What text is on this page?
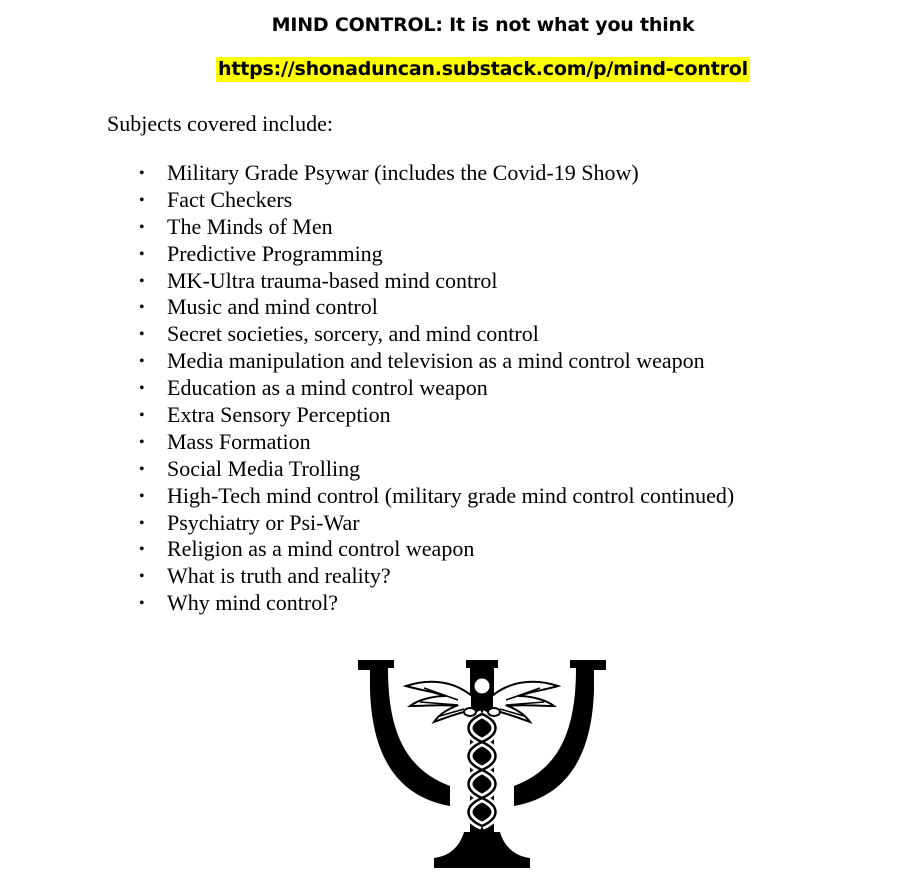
MIND CONTROL: It is not what you think
https://shonaduncan.substack.com/p/mind-control
Subjects covered include:
• Military Grade Psywar (includes the Covid-19 Show)
• Fact Checkers
• The Minds of Men
• Predictive Programming
• MK-Ultra trauma-based mind control
• Music and mind control
• Secret societies, sorcery, and mind control
• Media manipulation and television as a mind control weapon
• Education as a mind control weapon
• Extra Sensory Perception
• Mass Formation
• Social Media Trolling
• High-Tech mind control (military grade mind control continued)
• Psychiatry or Psi-War
• Religion as a mind control weapon
• What is truth and reality?
• Why mind control?
